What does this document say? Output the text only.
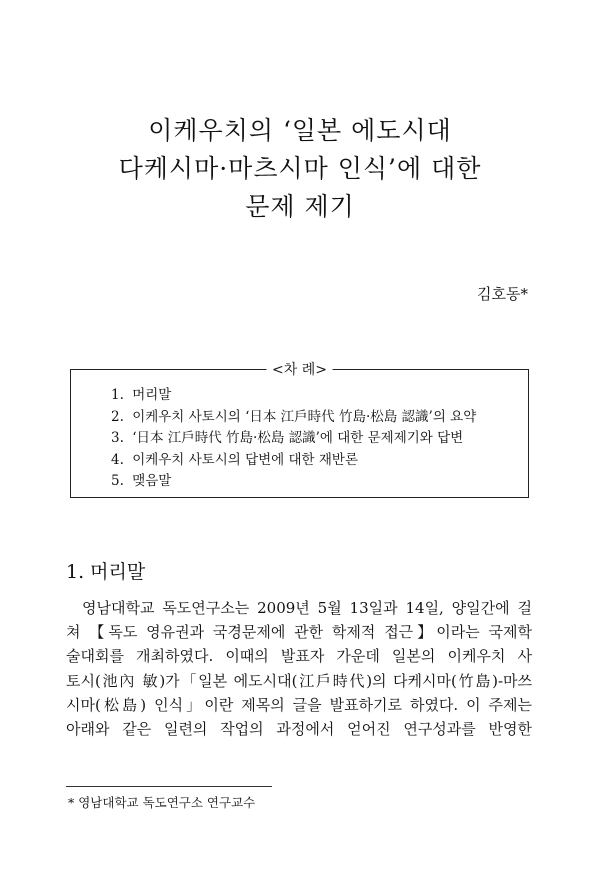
이케우치의 ‘일본 에도시대
다케시마·마츠시마 인식’에 대한
문제 제기
김호동*
<차 례>
1. 머리말
2. 이케우치 사토시의 ‘日本 江戶時代 竹島·松島 認識’의 요약
3. ‘日本 江戶時代 竹島·松島 認識’에 대한 문제제기와 답변
4. 이케우치 사토시의 답변에 대한 재반론
5. 맺음말
1. 머리말
영남대학교 독도연구소는 2009년 5월 13일과 14일, 양일간에 걸
쳐 【독도 영유권과 국경문제에 관한 학제적 접근】이라는 국제학
술대회를 개최하였다. 이때의 발표자 가운데 일본의 이케우치 사
토시(池內 敏)가「일본 에도시대(江戶時代)의 다케시마(竹島)-마쓰
시마(松島) 인식」이란 제목의 글을 발표하기로 하였다. 이 주제는
아래와 같은 일련의 작업의 과정에서 얻어진 연구성과를 반영한
* 영남대학교 독도연구소 연구교수
